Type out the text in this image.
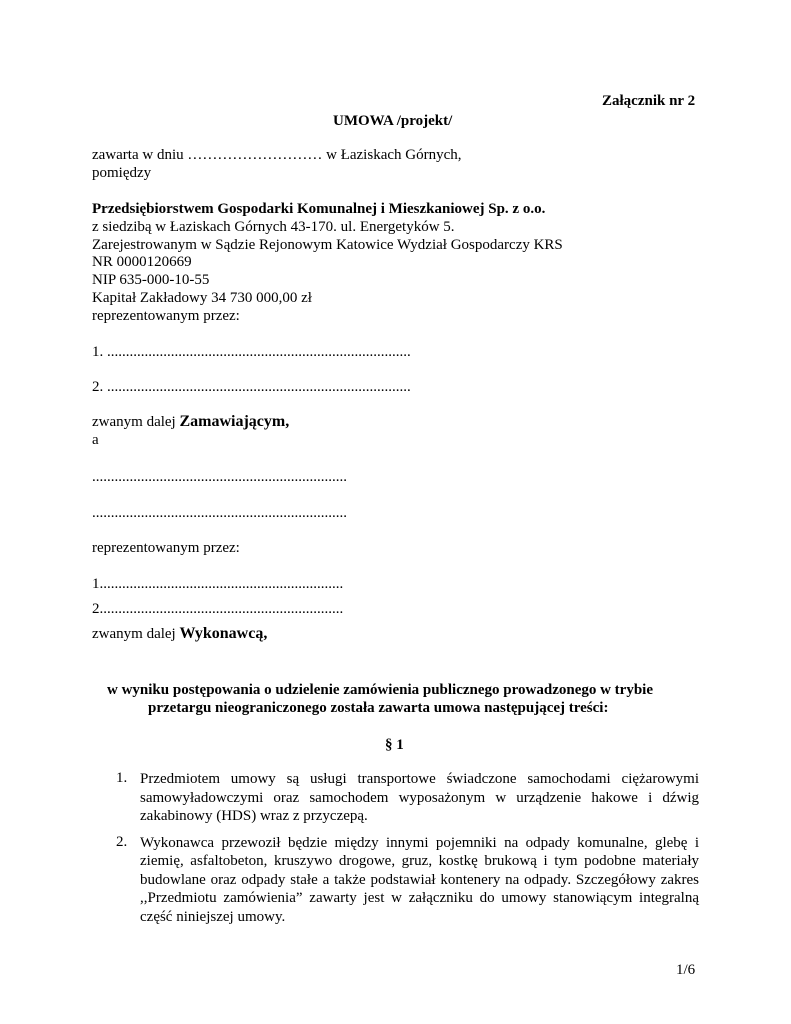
Załącznik nr 2
UMOWA /projekt/
zawarta w dniu ……………………… w Łaziskach Górnych,
pomiędzy
Przedsiębiorstwem Gospodarki Komunalnej i Mieszkaniowej Sp. z o.o.
z siedzibą w Łaziskach Górnych 43-170. ul. Energetyków 5.
Zarejestrowanym w Sądzie Rejonowym Katowice Wydział Gospodarczy KRS
NR 0000120669
NIP 635-000-10-55
Kapitał Zakładowy 34 730 000,00 zł
reprezentowanym przez:
1. .................................................................................
2. .................................................................................
zwanym dalej Zamawiającym,
a
....................................................................
....................................................................
reprezentowanym przez:
1.................................................................
2.................................................................
zwanym dalej Wykonawcą,
w wyniku postępowania o udzielenie zamówienia publicznego prowadzonego w trybie
przetargu nieograniczonego została zawarta umowa następującej treści:
§ 1
1. Przedmiotem umowy są usługi transportowe świadczone samochodami ciężarowymi samowyładowczymi oraz samochodem wyposażonym w urządzenie hakowe i dźwig zakabinowy (HDS) wraz z przyczepą.
2. Wykonawca przewoził będzie między innymi pojemniki na odpady komunalne, glebę i ziemię, asfaltobeton, kruszywo drogowe, gruz, kostkę brukową i tym podobne materiały budowlane oraz odpady stałe a także podstawiał kontenery na odpady. Szczegółowy zakres ,,Przedmiotu zamówienia” zawarty jest w załączniku do umowy stanowiącym integralną część niniejszej umowy.
1/6
